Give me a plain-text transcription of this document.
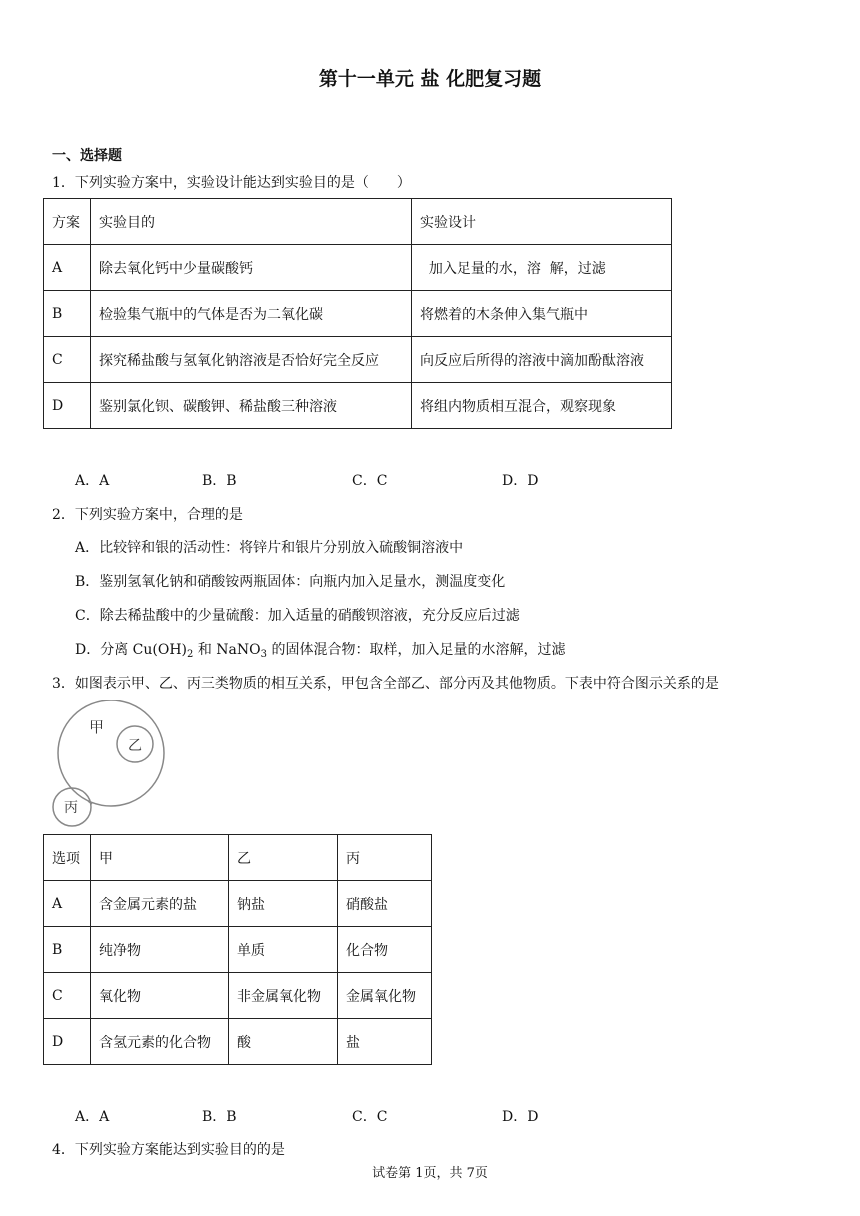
第十一单元 盐 化肥复习题
一、选择题
1．下列实验方案中，实验设计能达到实验目的是（　　）
方案	实验目的	实验设计
A	除去氧化钙中少量碳酸钙	加入足量的水，溶  解，过滤
B	检验集气瓶中的气体是否为二氧化碳	将燃着的木条伸入集气瓶中
C	探究稀盐酸与氢氧化钠溶液是否恰好完全反应	向反应后所得的溶液中滴加酚酞溶液
D	鉴别氯化钡、碳酸钾、稀盐酸三种溶液	将组内物质相互混合，观察现象
A．A	B．B	C．C	D．D
2．下列实验方案中，合理的是
A．比较锌和银的活动性：将锌片和银片分别放入硫酸铜溶液中
B．鉴别氢氧化钠和硝酸铵两瓶固体：向瓶内加入足量水，测温度变化
C．除去稀盐酸中的少量硫酸：加入适量的硝酸钡溶液，充分反应后过滤
D．分离 $Cu(OH)_2$ 和 NaNO$_3$ 的固体混合物：取样，加入足量的水溶解，过滤
3．如图表示甲、乙、丙三类物质的相互关系，甲包含全部乙、部分丙及其他物质。下表中符合图示关系的是
甲
乙
丙
选项	甲	乙	丙
A	含金属元素的盐	钠盐	硝酸盐
B	纯净物	单质	化合物
C	氧化物	非金属氧化物	金属氧化物
D	含氢元素的化合物	酸	盐
A．A	B．B	C．C	D．D
4．下列实验方案能达到实验目的的是
试卷第 1页，共 7页
